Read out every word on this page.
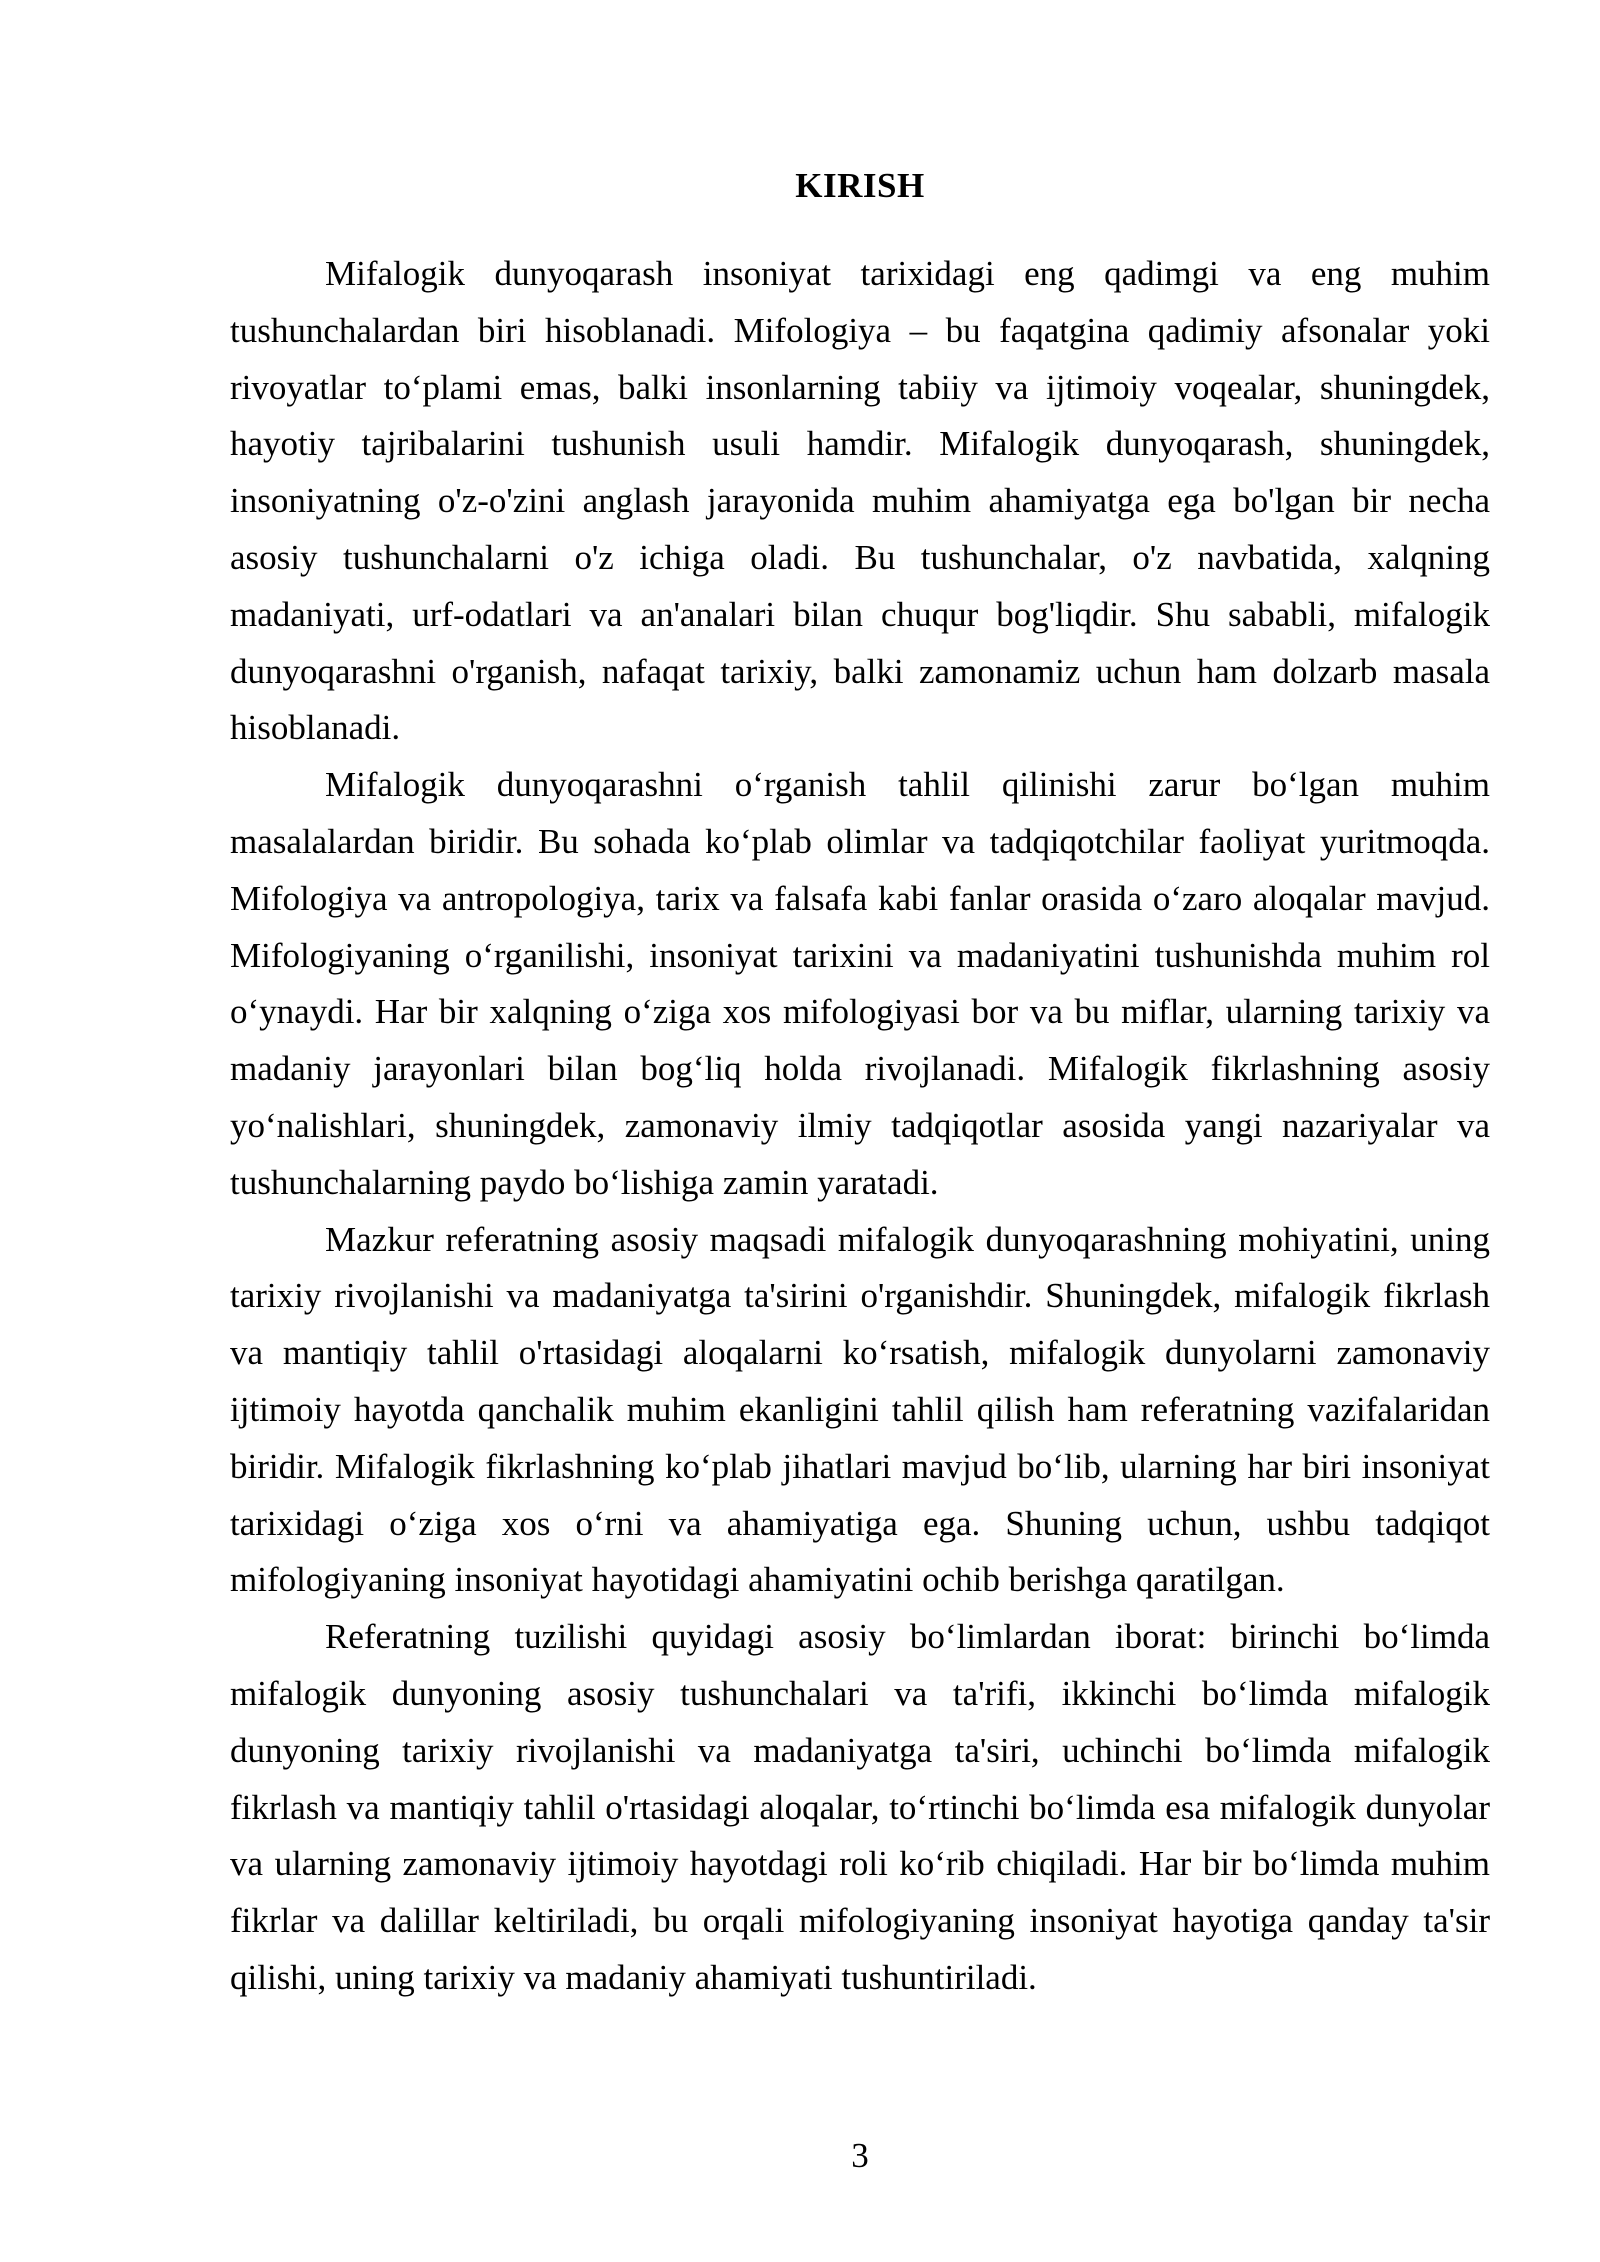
KIRISH

Mifalogik dunyoqarash insoniyat tarixidagi eng qadimgi va eng muhim tushunchalardan biri hisoblanadi. Mifologiya – bu faqatgina qadimiy afsonalar yoki rivoyatlar to‘plami emas, balki insonlarning tabiiy va ijtimoiy voqealar, shuningdek, hayotiy tajribalarini tushunish usuli hamdir. Mifalogik dunyoqarash, shuningdek, insoniyatning o'z-o'zini anglash jarayonida muhim ahamiyatga ega bo'lgan bir necha asosiy tushunchalarni o'z ichiga oladi. Bu tushunchalar, o'z navbatida, xalqning madaniyati, urf-odatlari va an'analari bilan chuqur bog'liqdir. Shu sababli, mifalogik dunyoqarashni o'rganish, nafaqat tarixiy, balki zamonamiz uchun ham dolzarb masala hisoblanadi.

Mifalogik dunyoqarashni o‘rganish tahlil qilinishi zarur bo‘lgan muhim masalalardan biridir. Bu sohada ko‘plab olimlar va tadqiqotchilar faoliyat yuritmoqda. Mifologiya va antropologiya, tarix va falsafa kabi fanlar orasida o‘zaro aloqalar mavjud. Mifologiyaning o‘rganilishi, insoniyat tarixini va madaniyatini tushunishda muhim rol o‘ynaydi. Har bir xalqning o‘ziga xos mifologiyasi bor va bu miflar, ularning tarixiy va madaniy jarayonlari bilan bog‘liq holda rivojlanadi. Mifalogik fikrlashning asosiy yo‘nalishlari, shuningdek, zamonaviy ilmiy tadqiqotlar asosida yangi nazariyalar va tushunchalarning paydo bo‘lishiga zamin yaratadi.

Mazkur referatning asosiy maqsadi mifalogik dunyoqarashning mohiyatini, uning tarixiy rivojlanishi va madaniyatga ta'sirini o'rganishdir. Shuningdek, mifalogik fikrlash va mantiqiy tahlil o'rtasidagi aloqalarni ko‘rsatish, mifalogik dunyolarni zamonaviy ijtimoiy hayotda qanchalik muhim ekanligini tahlil qilish ham referatning vazifalaridan biridir. Mifalogik fikrlashning ko‘plab jihatlari mavjud bo‘lib, ularning har biri insoniyat tarixidagi o‘ziga xos o‘rni va ahamiyatiga ega. Shuning uchun, ushbu tadqiqot mifologiyaning insoniyat hayotidagi ahamiyatini ochib berishga qaratilgan.

Referatning tuzilishi quyidagi asosiy bo‘limlardan iborat: birinchi bo‘limda mifalogik dunyoning asosiy tushunchalari va ta'rifi, ikkinchi bo‘limda mifalogik dunyoning tarixiy rivojlanishi va madaniyatga ta'siri, uchinchi bo‘limda mifalogik fikrlash va mantiqiy tahlil o'rtasidagi aloqalar, to‘rtinchi bo‘limda esa mifalogik dunyolar va ularning zamonaviy ijtimoiy hayotdagi roli ko‘rib chiqiladi. Har bir bo‘limda muhim fikrlar va dalillar keltiriladi, bu orqali mifologiyaning insoniyat hayotiga qanday ta'sir qilishi, uning tarixiy va madaniy ahamiyati tushuntiriladi.

3
